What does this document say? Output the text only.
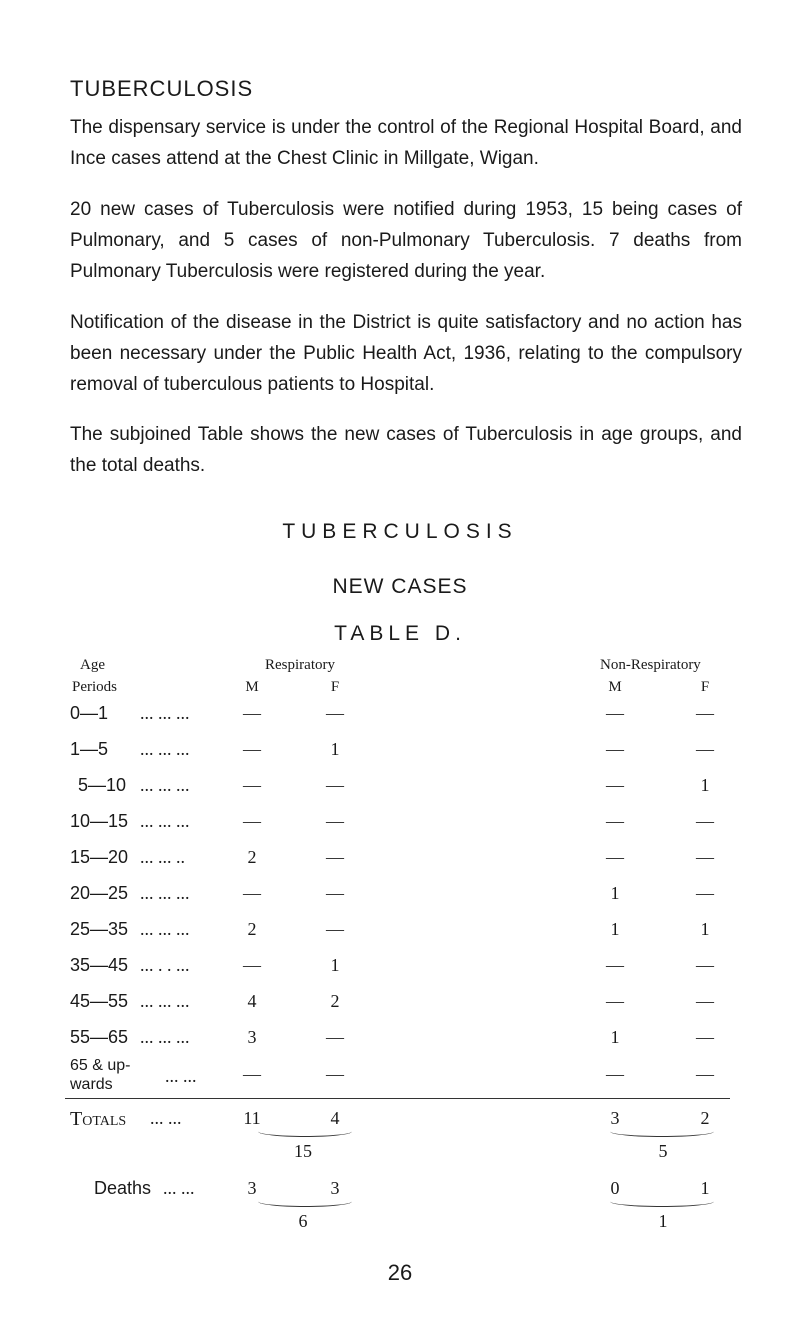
TUBERCULOSIS

The dispensary service is under the control of the Regional Hospital Board, and Ince cases attend at the Chest Clinic in Millgate, Wigan.

20 new cases of Tuberculosis were notified during 1953, 15 being cases of Pulmonary, and 5 cases of non-Pulmonary Tuberculosis. 7 deaths from Pulmonary Tuberculosis were registered during the year.

Notification of the disease in the District is quite satisfactory and no action has been necessary under the Public Health Act, 1936, relating to the compulsory removal of tuberculous patients to Hospital.

The subjoined Table shows the new cases of Tuberculosis in age groups, and the total deaths.

TUBERCULOSIS
NEW CASES
TABLE D.
Age
Periods
Respiratory	Non-Respiratory
M	F	M	F
0—1 ... ... ...	—	—	—	—
1—5 ... ... ...	—	1	—	—
5—10 ... ... ...	—	—	—	1
10—15 ... ... ...	—	—	—	—
15—20 ... ... ..	2	—	—	—
20—25 ... ... ...	—	—	1	—
25—35 ... ... ...	2	—	1	1
35—45 ... . . ...	—	1	—	—
45—55 ... ... ...	4	2	—	—
55—65 ... ... ...	3	—	1	—
65 & up-
wards	... ...	—	—	—	—
Totals ... ...	11	4	3	2
15	5
Deaths ... ...	3	3	0	1
6	1
26
